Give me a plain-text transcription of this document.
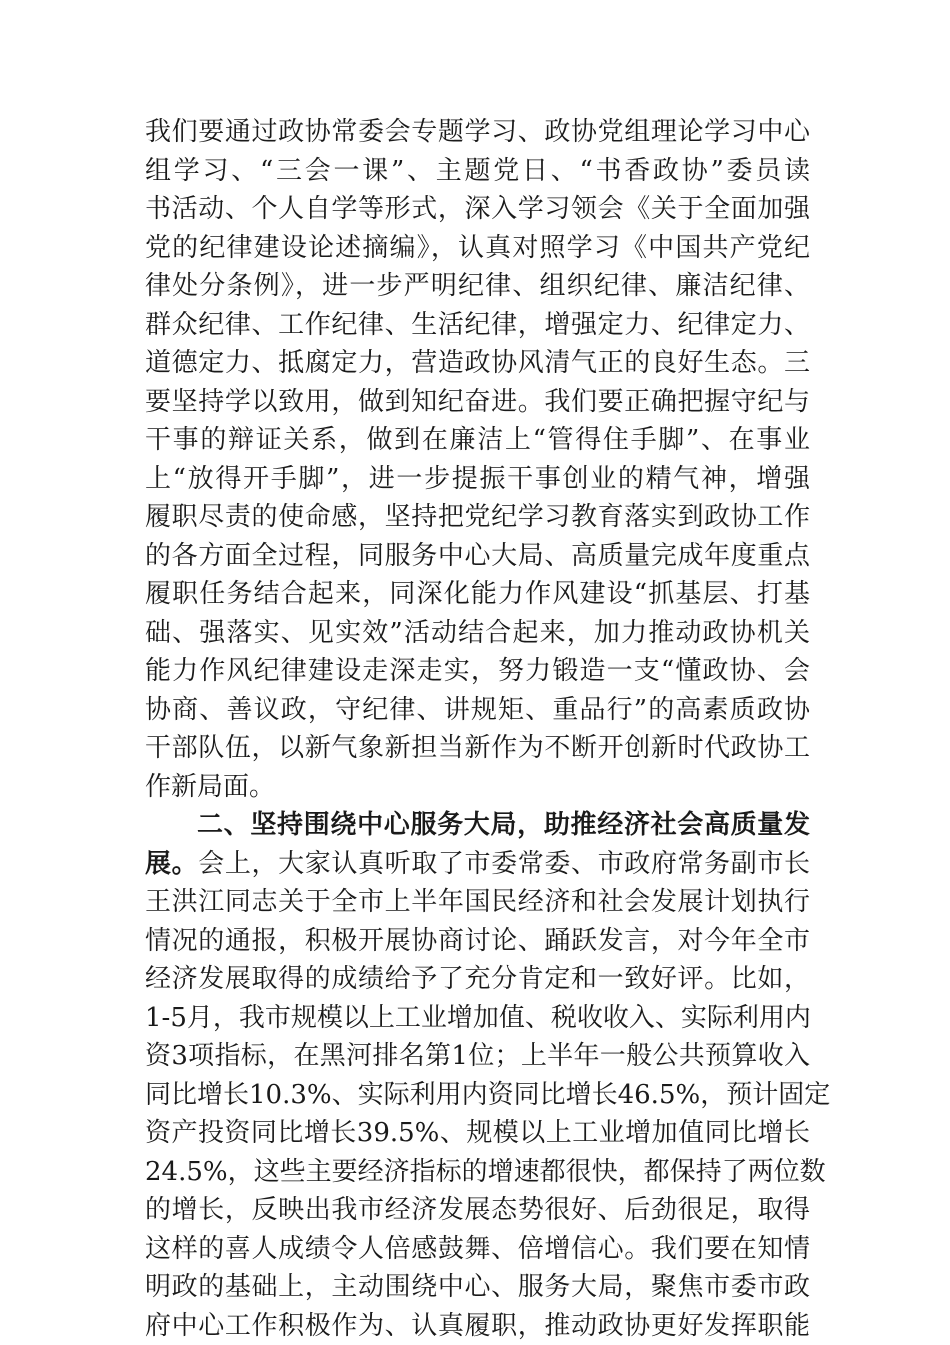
我们要通过政协常委会专题学习、政协党组理论学习中心
组学习、“三会一课”、主题党日、“书香政协”委员读
书活动、个人自学等形式，深入学习领会《关于全面加强
党的纪律建设论述摘编》，认真对照学习《中国共产党纪
律处分条例》，进一步严明纪律、组织纪律、廉洁纪律、
群众纪律、工作纪律、生活纪律，增强定力、纪律定力、
道德定力、抵腐定力，营造政协风清气正的良好生态。三
要坚持学以致用，做到知纪奋进。我们要正确把握守纪与
干事的辩证关系，做到在廉洁上“管得住手脚”、在事业
上“放得开手脚”，进一步提振干事创业的精气神，增强
履职尽责的使命感，坚持把党纪学习教育落实到政协工作
的各方面全过程，同服务中心大局、高质量完成年度重点
履职任务结合起来，同深化能力作风建设“抓基层、打基
础、强落实、见实效”活动结合起来，加力推动政协机关
能力作风纪律建设走深走实，努力锻造一支“懂政协、会
协商、善议政，守纪律、讲规矩、重品行”的高素质政协
干部队伍，以新气象新担当新作为不断开创新时代政协工
作新局面。
二、坚持围绕中心服务大局，助推经济社会高质量发
展。会上，大家认真听取了市委常委、市政府常务副市长
王洪江同志关于全市上半年国民经济和社会发展计划执行
情况的通报，积极开展协商讨论、踊跃发言，对今年全市
经济发展取得的成绩给予了充分肯定和一致好评。比如，
1-5月，我市规模以上工业增加值、税收收入、实际利用内
资3项指标，在黑河排名第1位；上半年一般公共预算收入
同比增长10.3%、实际利用内资同比增长46.5%，预计固定
资产投资同比增长39.5%、规模以上工业增加值同比增长
24.5%，这些主要经济指标的增速都很快，都保持了两位数
的增长，反映出我市经济发展态势很好、后劲很足，取得
这样的喜人成绩令人倍感鼓舞、倍增信心。我们要在知情
明政的基础上，主动围绕中心、服务大局，聚焦市委市政
府中心工作积极作为、认真履职，推动政协更好发挥职能
